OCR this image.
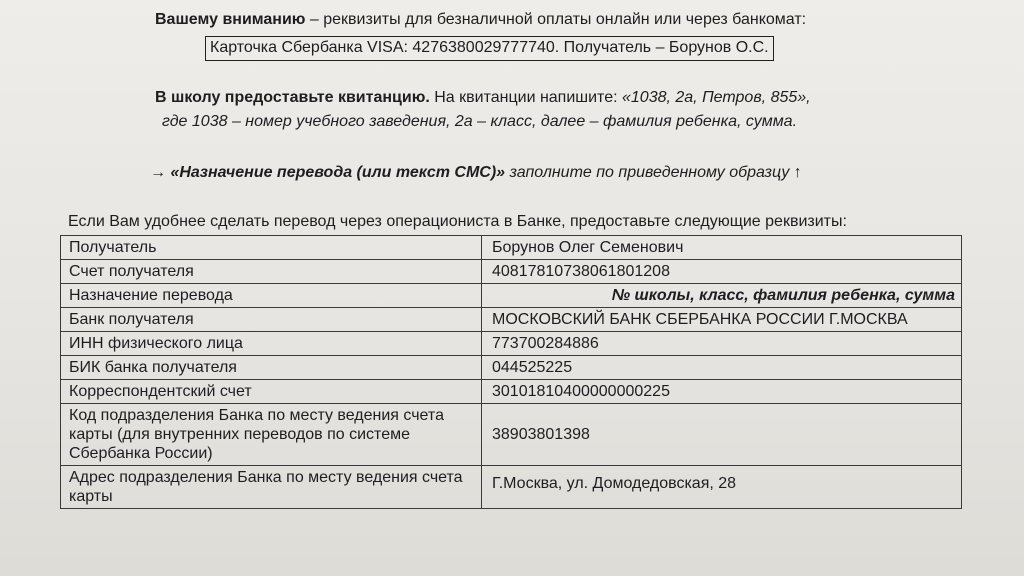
Вашему вниманию – реквизиты для безналичной оплаты онлайн или через банкомат:
Карточка Сбербанка VISA: 4276380029777740. Получатель – Борунов О.С.
В школу предоставьте квитанцию. На квитанции напишите: «1038, 2а, Петров, 855»,
где 1038 – номер учебного заведения, 2а – класс, далее – фамилия ребенка, сумма.
→ «Назначение перевода (или текст СМС)» заполните по приведенному образцу ↑
Если Вам удобнее сделать перевод через операциониста в Банке, предоставьте следующие реквизиты:
Получатель	Борунов Олег Семенович
Счет получателя	40817810738061801208
Назначение перевода	№ школы, класс, фамилия ребенка, сумма
Банк получателя	МОСКОВСКИЙ БАНК СБЕРБАНКА РОССИИ Г.МОСКВА
ИНН физического лица	773700284886
БИК банка получателя	044525225
Корреспондентский счет	30101810400000000225
Код подразделения Банка по месту ведения счета карты (для внутренних переводов по системе Сбербанка России)	38903801398
Адрес подразделения Банка по месту ведения счета карты	Г.Москва, ул. Домодедовская, 28
